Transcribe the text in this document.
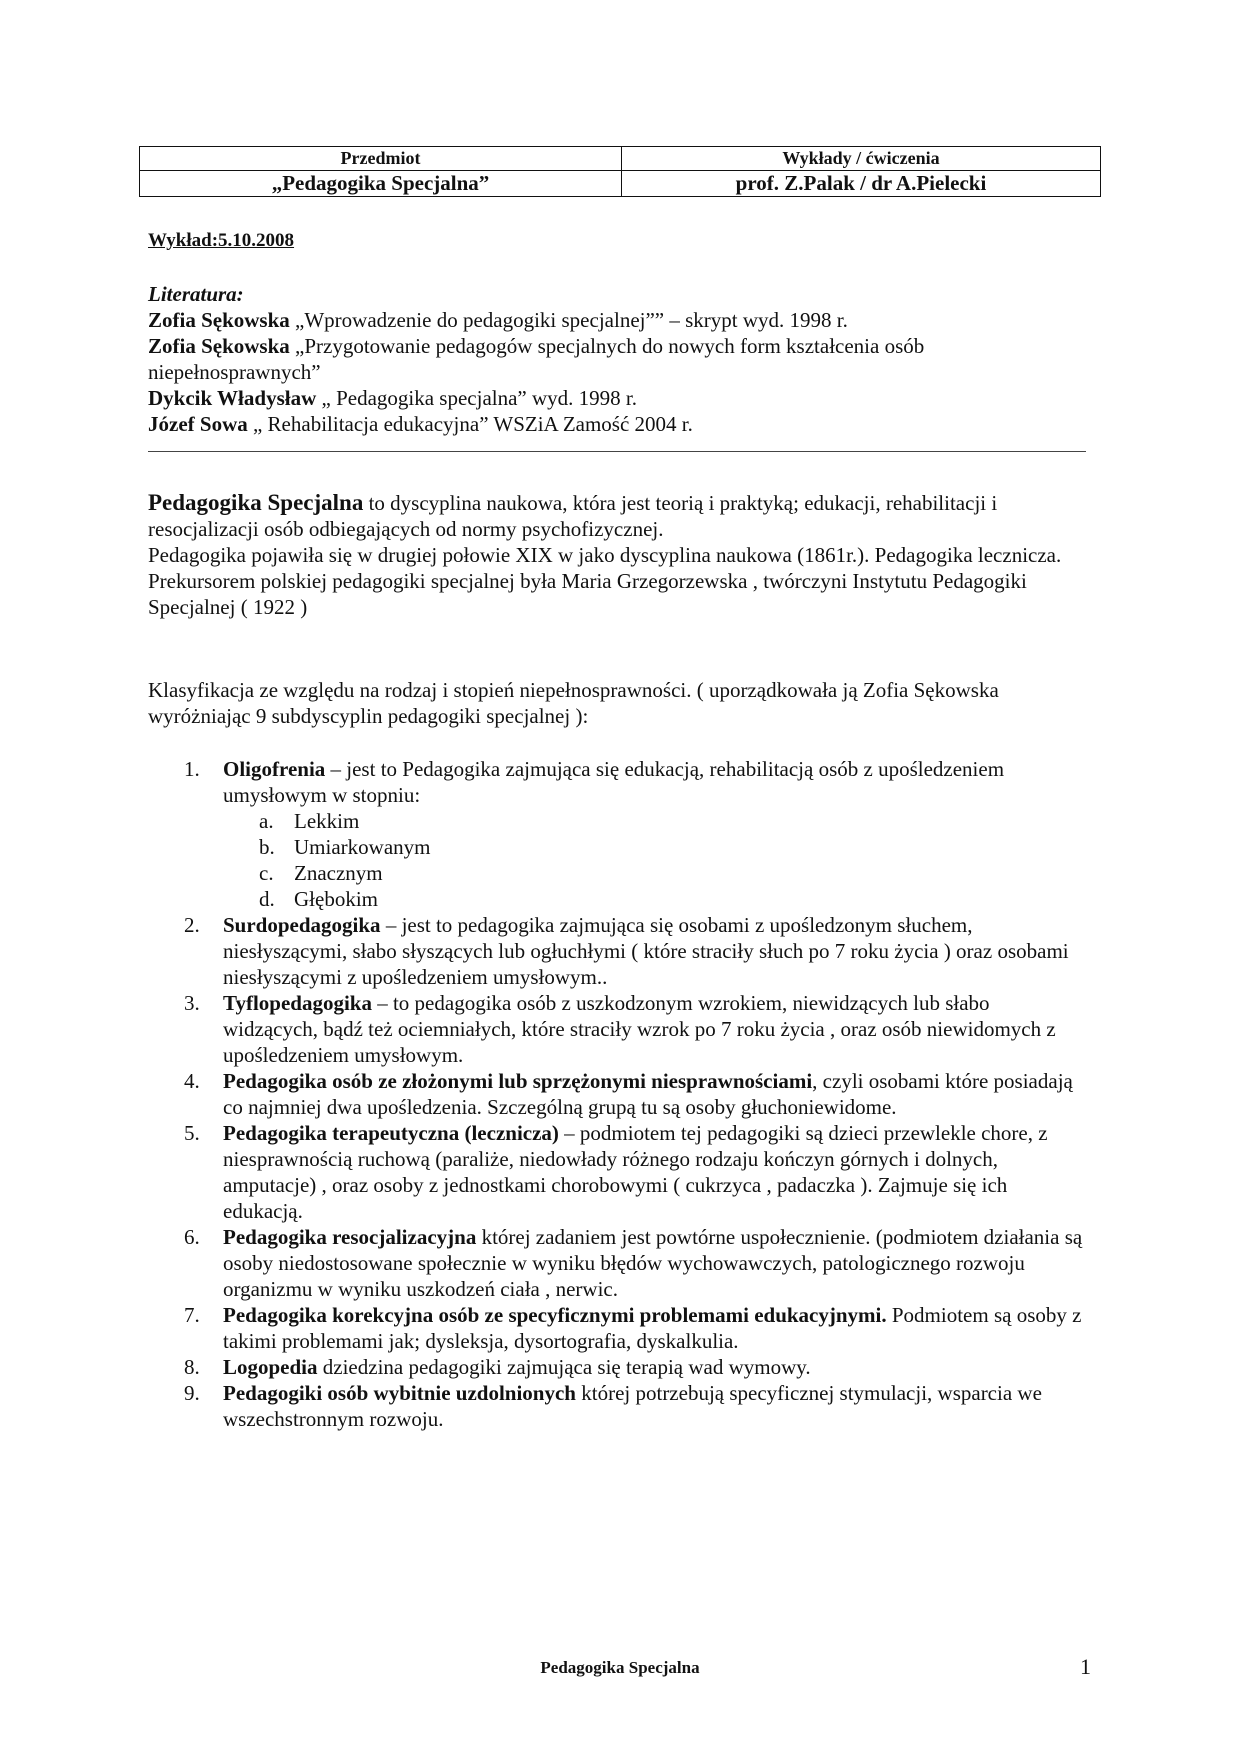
Przedmiot	Wykłady / ćwiczenia
„Pedagogika Specjalna”	prof. Z.Palak / dr A.Pielecki
Wykład:5.10.2008

Literatura:

Zofia Sękowska „Wprowadzenie do pedagogiki specjalnej”” – skrypt wyd. 1998 r.

Zofia Sękowska „Przygotowanie pedagogów specjalnych do nowych form kształcenia osób niepełnosprawnych”

Dykcik Władysław „ Pedagogika specjalna” wyd. 1998 r.

Józef Sowa „ Rehabilitacja edukacyjna” WSZiA Zamość 2004 r.

Pedagogika Specjalna to dyscyplina naukowa, która jest teorią i praktyką; edukacji, rehabilitacji i resocjalizacji osób odbiegających od normy psychofizycznej.

Pedagogika pojawiła się w drugiej połowie XIX w jako dyscyplina naukowa (1861r.). Pedagogika lecznicza.

Prekursorem polskiej pedagogiki specjalnej była Maria Grzegorzewska , twórczyni Instytutu Pedagogiki Specjalnej ( 1922 )

Klasyfikacja ze względu na rodzaj i stopień niepełnosprawności. ( uporządkowała ją Zofia Sękowska wyróżniając 9 subdyscyplin pedagogiki specjalnej ):

1. Oligofrenia – jest to Pedagogika zajmująca się edukacją, rehabilitacją osób z upośledzeniem umysłowym w stopniu:
a. Lekkim
b. Umiarkowanym
c. Znacznym
d. Głębokim
2. Surdopedagogika – jest to pedagogika zajmująca się osobami z upośledzonym słuchem, niesłyszącymi, słabo słyszących lub ogłuchłymi ( które straciły słuch po 7 roku życia ) oraz osobami niesłyszącymi z upośledzeniem umysłowym..
3. Tyflopedagogika – to pedagogika osób z uszkodzonym wzrokiem, niewidzących lub słabo widzących, bądź też ociemniałych, które straciły wzrok po 7 roku życia , oraz osób niewidomych z upośledzeniem umysłowym.
4. Pedagogika osób ze złożonymi lub sprzężonymi niesprawnościami, czyli osobami które posiadają co najmniej dwa upośledzenia. Szczególną grupą tu są osoby głuchoniewidome.
5. Pedagogika terapeutyczna (lecznicza) – podmiotem tej pedagogiki są dzieci przewlekle chore, z niesprawnością ruchową (paraliże, niedowłady różnego rodzaju kończyn górnych i dolnych, amputacje) , oraz osoby z jednostkami chorobowymi ( cukrzyca , padaczka ). Zajmuje się ich edukacją.
6. Pedagogika resocjalizacyjna której zadaniem jest powtórne uspołecznienie. (podmiotem działania są osoby niedostosowane społecznie w wyniku błędów wychowawczych, patologicznego rozwoju organizmu w wyniku uszkodzeń ciała , nerwic.
7. Pedagogika korekcyjna osób ze specyficznymi problemami edukacyjnymi. Podmiotem są osoby z takimi problemami jak; dysleksja, dysortografia, dyskalkulia.
8. Logopedia dziedzina pedagogiki zajmująca się terapią wad wymowy.
9. Pedagogiki osób wybitnie uzdolnionych której potrzebują specyficznej stymulacji, wsparcia we wszechstronnym rozwoju.
Pedagogika Specjalna	1
